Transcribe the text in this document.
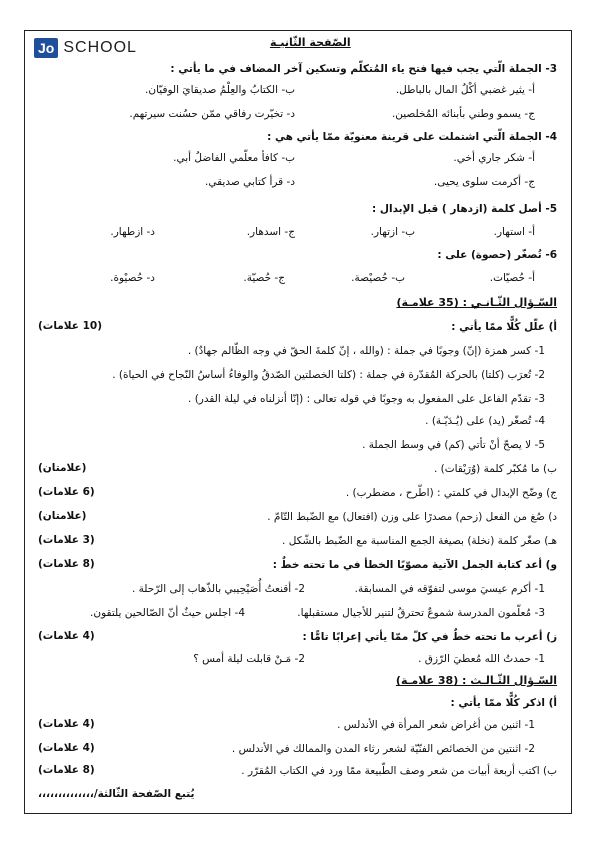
Jo SCHOOL	الصّفحة الثّانيـة
3- الجملة الّتي يجب فيها فتح ياء المُتكلّم وتسكين آخر المضاف في ما يأتي :
أ- يثير غضبي أكْلُ المال بالباطل.
ب- الكتابُ والعِلْمُ صديقايَ الوفيّان.
ج- يسمو وطني بأبنائه المُخلصين.
د- تخيّرت رفاقي ممّن حسُنت سيرتهم.
4- الجملة الّتي اشتملت على قرينة معنويّة ممّا يأتي هي :
أ- شكر جاري أخي.
ب- كافأ معلّمي الفاضلُ أبي.
ج- أكرمت سلوى يحيى.
د- قرأ كتابي صديقي.
5- أصل كلمة (ازدهار ) قبل الإبدال :
أ- استهار.
ب- ازتهار.
ج- اسدهار.
د- ازطهار.
6- تُصغّر (حصوة) على :
أ- حُصيّات.
ب- حُصيْصة.
ج- حُصيّة.
د- حُصيْوة.
السّـؤال الثّـانـي : (35 علامـة)
أ) علّل كُلًّا ممّا يأتي :
(10 علامات)
1- كسر همزة (إنّ) وجوبًا في جملة : (والله ، إنّ كلمةَ الحقّ في وجه الظّالم جهادٌ) .
2- تُعرَب (كلتا) بالحركة المُقدّرة في جملة : (كلتا الخصلتين الصّدقُ والوفاءُ أساسُ النّجاح في الحياة) .
3- تقدّم الفاعل على المفعول به وجوبًا في قوله تعالى : (إنّا أنزلناه في ليلة القدر) .
4- تُصغّر (يد) على (يُـدَيّـة) .
5- لا يصحّ أنْ تأتي (كم) في وسط الجملة .
ب) ما مُكبّر كلمة (وُرَيْقات) .
(علامتان)
ج) وضّح الإبدال في كلمتي : (اطّرح ، مضطرب) .
(6 علامات)
د) صُغ من الفعل (زحم) مصدرًا على وزن (افتعال) مع الضّبط التّامّ .
(علامتان)
هـ) صغّر كلمة (نخلة) بصيغة الجمع المناسبة مع الضّبط بالشّكل .
(3 علامات)
و) أعد كتابة الجمل الآتية مصوّبًا الخطأ في ما تحته خطٌ :
(8 علامات)
1- أكرم عيسيَ موسى لتفوّقه في المسابقة.
2- أقنعتُ أُصَيْحِيبي بالذّهاب إلى الرّحلة .
3- مُعلّمون المدرسة شموعٌ تحترقُ لتنير للأجيال مستقبلها.
4- اجلس حيثٌ أنّ الصّالحين يلتقون.
ز) أعرب ما تحته خطٌ في كلّ ممّا يأتي إعرابًا تامًّا :
(4 علامات)
1- حمدتُ الله مُعطيَ الرّزق .
2- مَـنْ قابلت ليلة أمس ؟
السّـؤال الثّـالـث : (38 علامـة)
أ) اذكر كُلًّا ممّا يأتي :
1- اثنين من أغراض شعر المرأة في الأندلس .
(4 علامات)
2- اثنتين من الخصائص الفنّيّة لشعر رثاء المدن والممالك في الأندلس .
(4 علامات)
ب) اكتب أربعة أبيات من شعر وصف الطّبيعة ممّا ورد في الكتاب المُقرّر .
(8 علامات)
يُتبع الصّفحة الثّالثة/،،،،،،،،،،،،،،
